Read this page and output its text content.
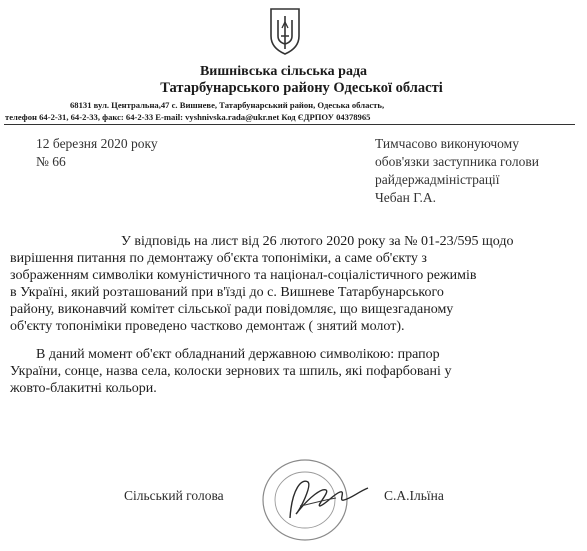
Вишнівська сільська рада
Татарбунарського району Одеської області
68131 вул. Центральна,47 с. Вишневе, Татарбунарський район, Одеська область,
телефон 64-2-31, 64-2-33, факс: 64-2-33 E-mail: vyshnivska.rada@ukr.net Код ЄДРПОУ 04378965
12 березня 2020 року
№ 66
Тимчасово виконуючому
обов'язки заступника голови
райдержадміністрації
Чебан Г.А.
У відповідь на лист від 26 лютого 2020 року за № 01-23/595 щодо
вирішення питання по демонтажу об'єкта топоніміки, а саме об'єкту з
зображенням символіки комуністичного та націонал-соціалістичного режимів
в Україні, який розташований при в'їзді до с. Вишневе Татарбунарського
району, виконавчий комітет сільської ради повідомляє, що вищезгаданому
об'єкту топоніміки проведено частково демонтаж ( знятий молот).
В даний момент об'єкт обладнаний державною символікою: прапор
України, сонце, назва села, колоски зернових та шпиль, які пофарбовані у
жовто-блакитні кольори.
Сільський голова	С.А.Ільїна
